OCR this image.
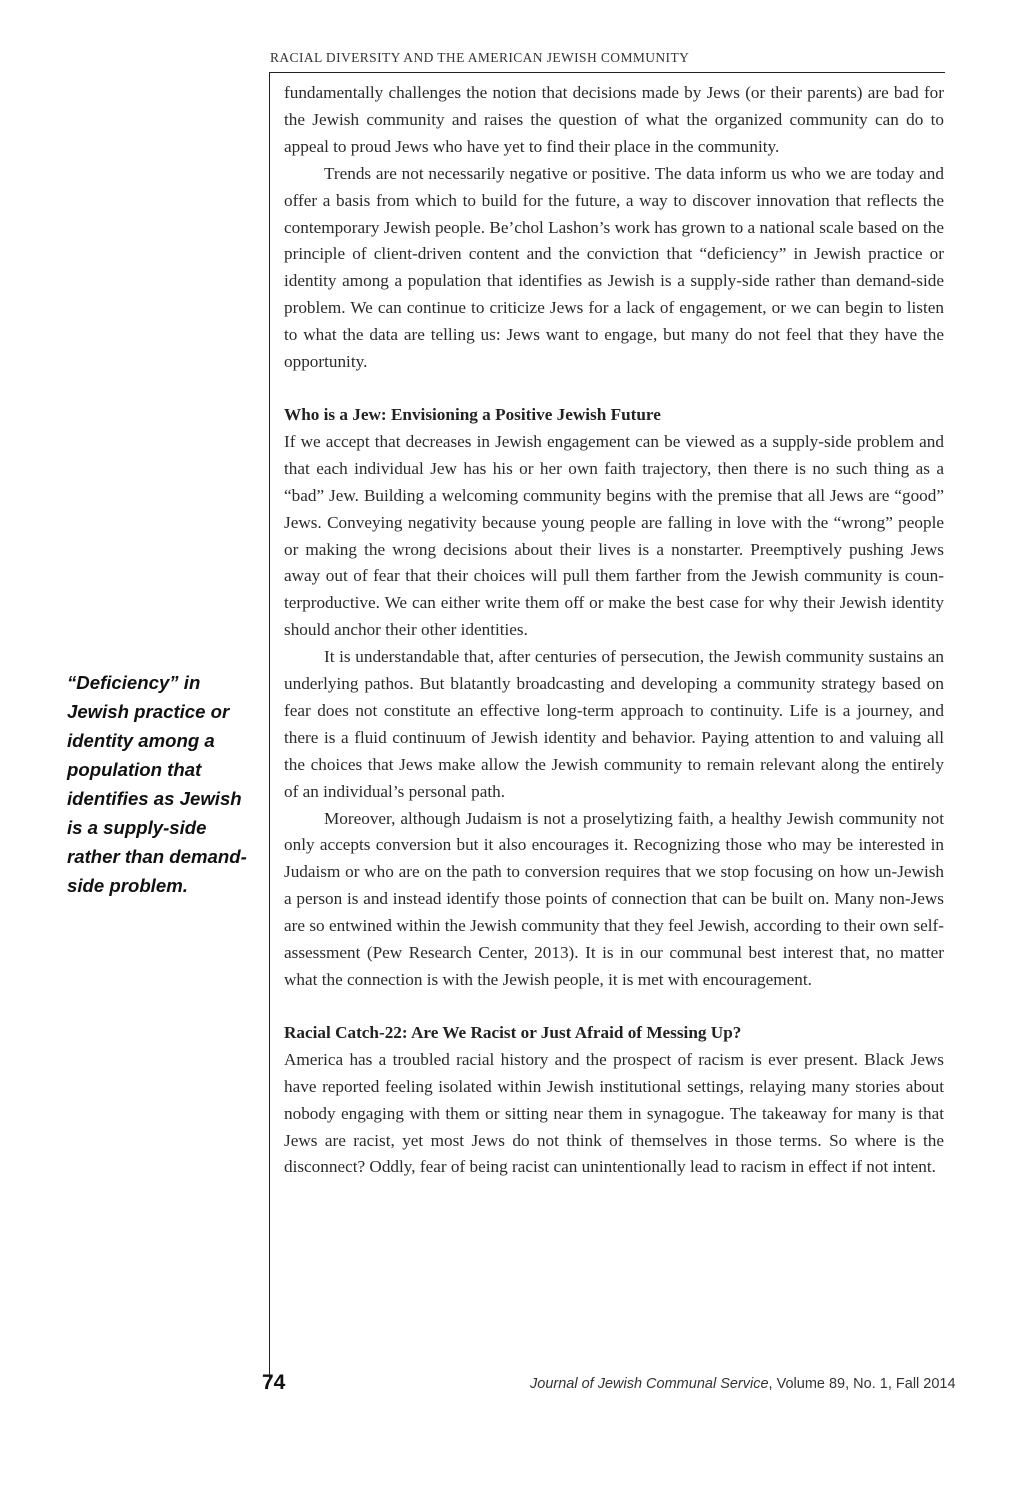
RACIAL DIVERSITY AND THE AMERICAN JEWISH COMMUNITY

fundamentally challenges the notion that decisions made by Jews (or their parents) are bad for the Jewish community and raises the question of what the organized community can do to appeal to proud Jews who have yet to find their place in the community.

Trends are not necessarily negative or positive. The data inform us who we are today and offer a basis from which to build for the future, a way to discover innovation that reflects the contemporary Jewish people. Be’chol Lashon’s work has grown to a national scale based on the principle of client-driven content and the conviction that “deficiency” in Jewish practice or identity among a population that identifies as Jewish is a supply-side rather than demand-side problem. We can continue to criticize Jews for a lack of engagement, or we can begin to listen to what the data are telling us: Jews want to engage, but many do not feel that they have the opportunity.

Who is a Jew: Envisioning a Positive Jewish Future

If we accept that decreases in Jewish engagement can be viewed as a supply-side problem and that each individual Jew has his or her own faith trajectory, then there is no such thing as a “bad” Jew. Building a welcoming community begins with the premise that all Jews are “good” Jews. Conveying negativity because young people are falling in love with the “wrong” people or making the wrong decisions about their lives is a nonstarter. Preemptively pushing Jews away out of fear that their choices will pull them farther from the Jewish community is counterproductive. We can either write them off or make the best case for why their Jewish identity should anchor their other identities.

It is understandable that, after centuries of persecution, the Jewish community sustains an underlying pathos. But blatantly broadcasting and developing a community strategy based on fear does not constitute an effective long-term approach to continuity. Life is a journey, and there is a fluid continuum of Jewish identity and behavior. Paying attention to and valuing all the choices that Jews make allow the Jewish community to remain relevant along the entirely of an individual’s personal path.

Moreover, although Judaism is not a proselytizing faith, a healthy Jewish community not only accepts conversion but it also encourages it. Recognizing those who may be interested in Judaism or who are on the path to conversion requires that we stop focusing on how un-Jewish a person is and instead identify those points of connection that can be built on. Many non-Jews are so entwined within the Jewish community that they feel Jewish, according to their own self-assessment (Pew Research Center, 2013). It is in our communal best interest that, no matter what the connection is with the Jewish people, it is met with encouragement.

Racial Catch-22: Are We Racist or Just Afraid of Messing Up?

America has a troubled racial history and the prospect of racism is ever present. Black Jews have reported feeling isolated within Jewish institutional settings, relaying many stories about nobody engaging with them or sitting near them in synagogue. The takeaway for many is that Jews are racist, yet most Jews do not think of themselves in those terms. So where is the disconnect? Oddly, fear of being racist can unintentionally lead to racism in effect if not intent.

“Deficiency” in Jewish practice or identity among a population that identifies as Jewish is a supply-side rather than demand-side problem.
74	Journal of Jewish Communal Service, Volume 89, No. 1, Fall 2014
